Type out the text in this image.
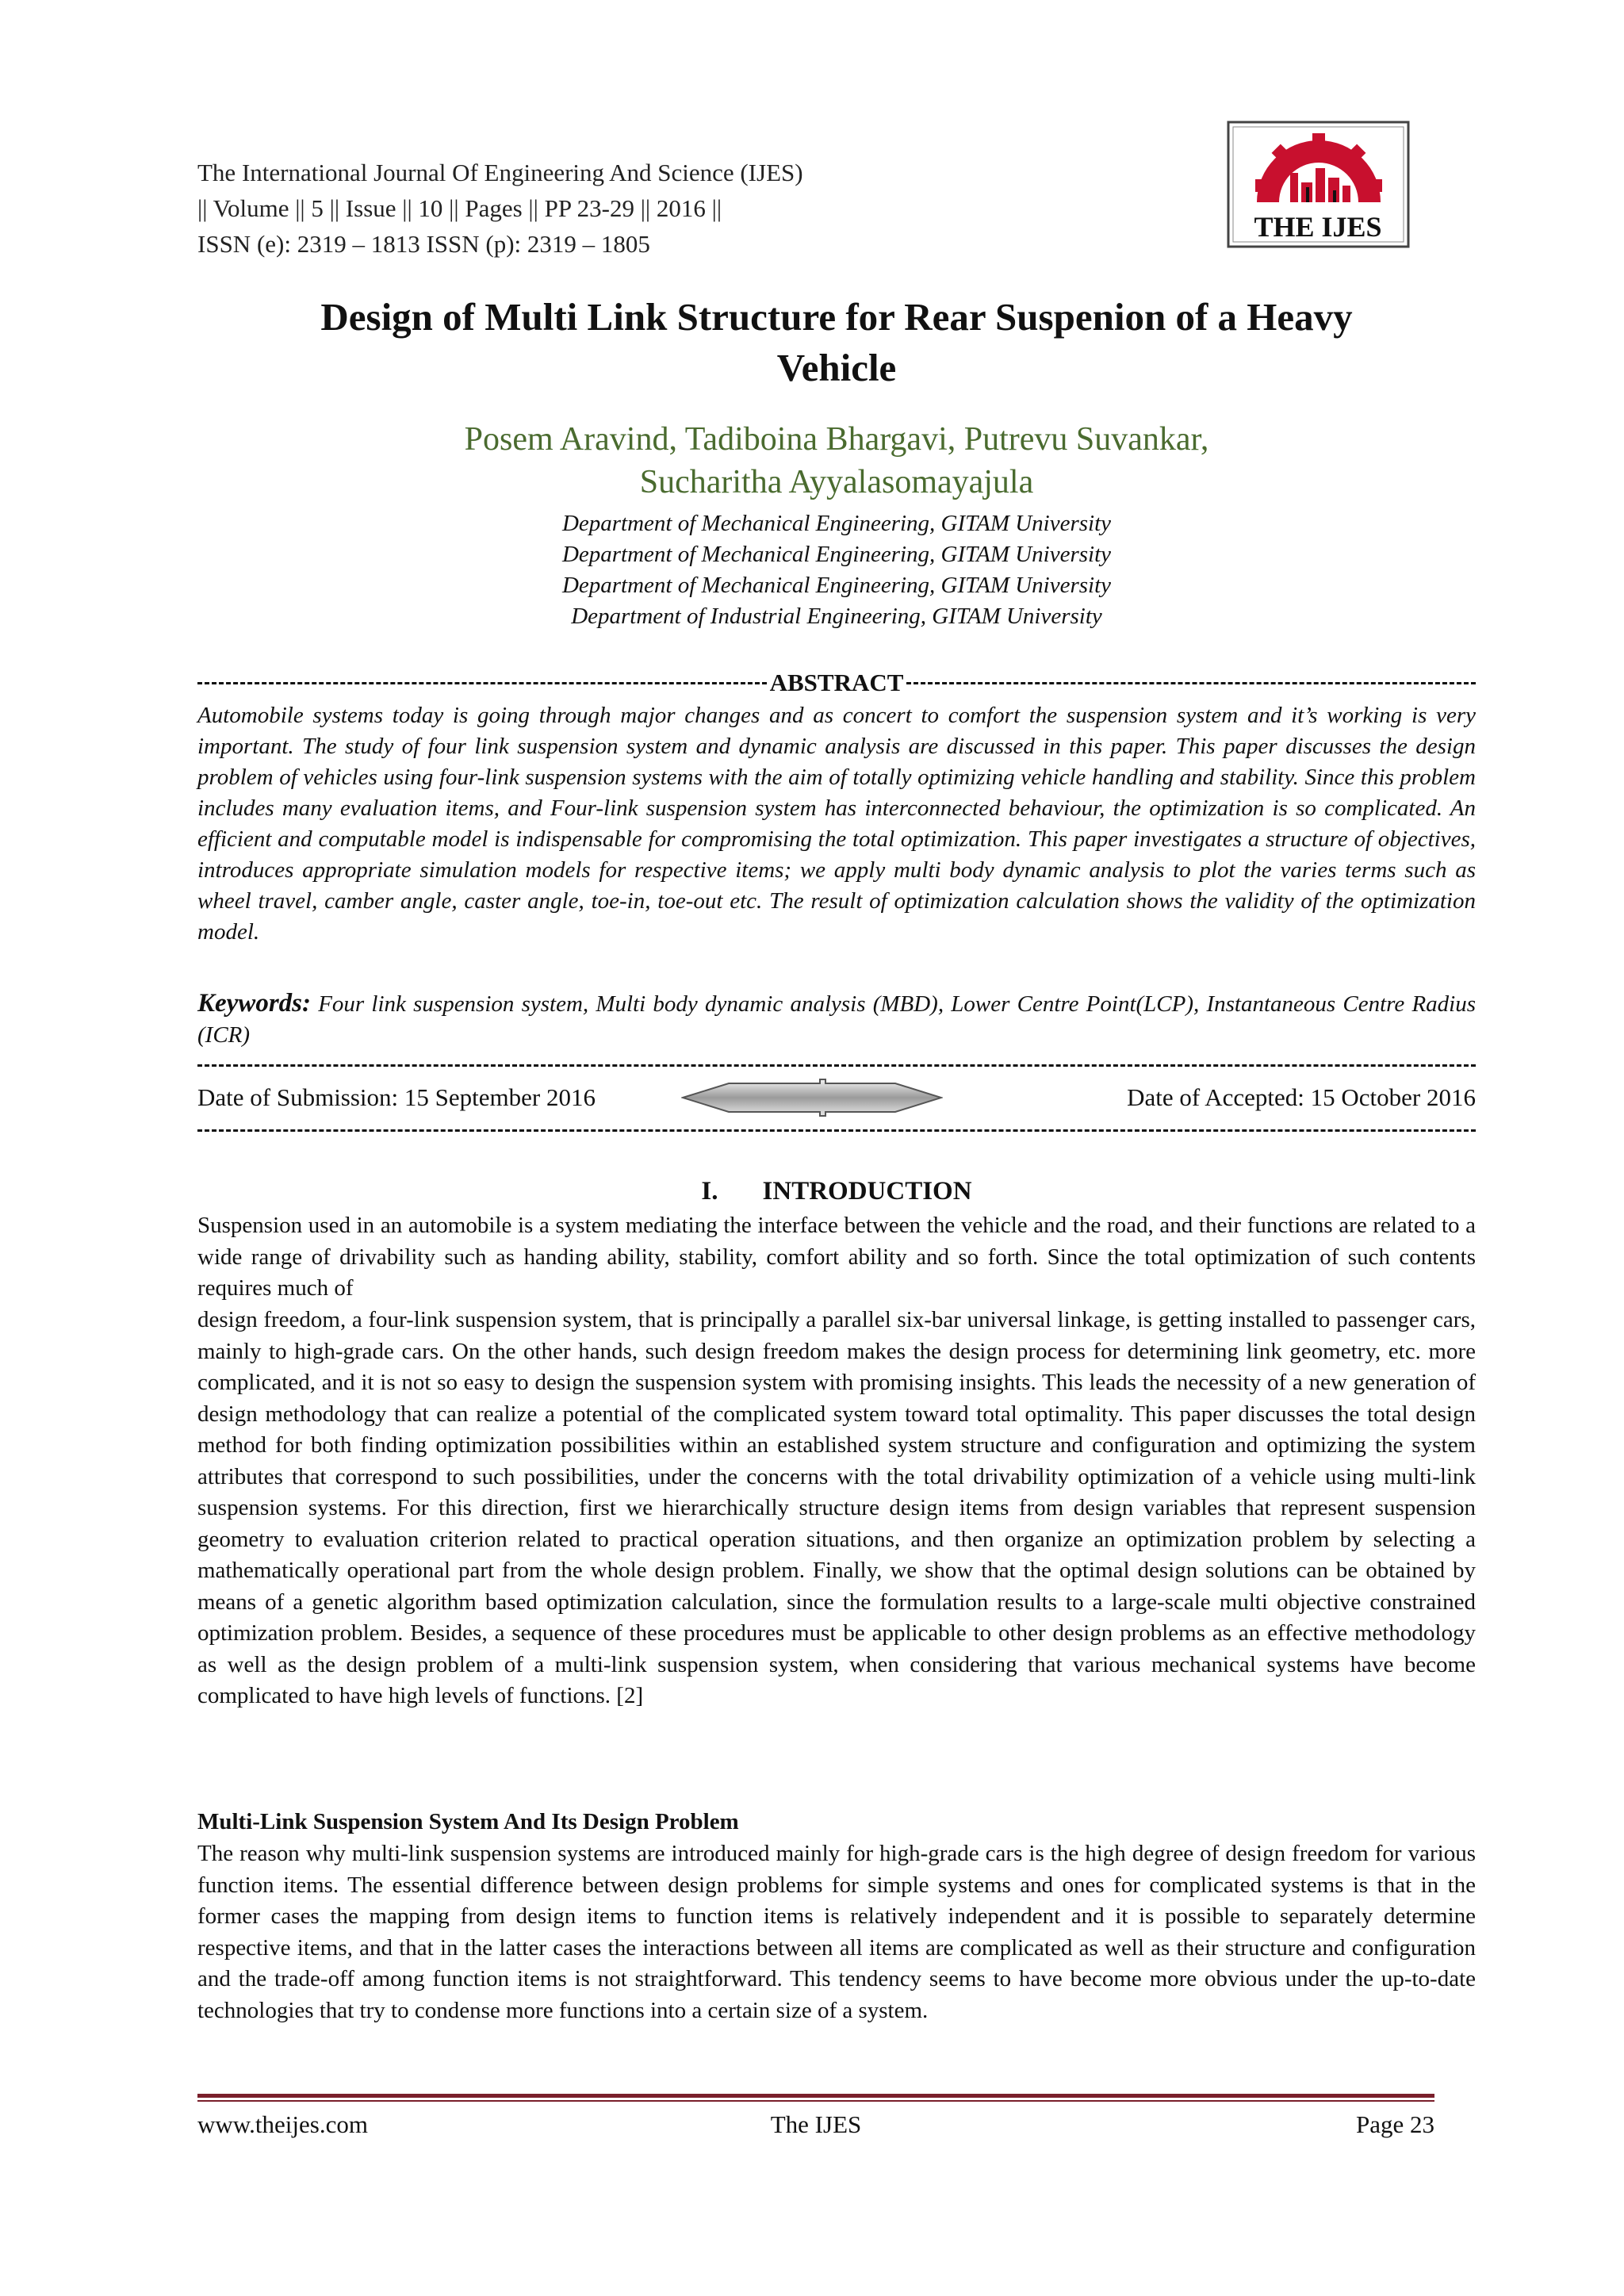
The International Journal Of Engineering And Science (IJES)
|| Volume || 5 || Issue || 10 || Pages || PP 23-29 || 2016 ||
ISSN (e): 2319 – 1813 ISSN (p): 2319 – 1805
THE IJES
Design of Multi Link Structure for Rear Suspenion of a Heavy
Vehicle
Posem Aravind, Tadiboina Bhargavi, Putrevu Suvankar,
Sucharitha Ayyalasomayajula
Department of Mechanical Engineering, GITAM University
Department of Mechanical Engineering, GITAM University
Department of Mechanical Engineering, GITAM University
Department of Industrial Engineering, GITAM University
ABSTRACT

Automobile systems today is going through major changes and as concert to comfort the suspension system and it’s working is very important. The study of four link suspension system and dynamic analysis are discussed in this paper. This paper discusses the design problem of vehicles using four-link suspension systems with the aim of totally optimizing vehicle handling and stability. Since this problem includes many evaluation items, and Four-link suspension system has interconnected behaviour, the optimization is so complicated. An efficient and computable model is indispensable for compromising the total optimization. This paper investigates a structure of objectives, introduces appropriate simulation models for respective items; we apply multi body dynamic analysis to plot the varies terms such as wheel travel, camber angle, caster angle, toe-in, toe-out etc. The result of optimization calculation shows the validity of the optimization model.

Keywords: Four link suspension system, Multi body dynamic analysis (MBD), Lower Centre Point(LCP), Instantaneous Centre Radius (ICR)
Date of Submission: 15 September 2016	Date of Accepted: 15 October 2016
I. INTRODUCTION

Suspension used in an automobile is a system mediating the interface between the vehicle and the road, and their functions are related to a wide range of drivability such as handing ability, stability, comfort ability and so forth. Since the total optimization of such contents requires much of

design freedom, a four-link suspension system, that is principally a parallel six-bar universal linkage, is getting installed to passenger cars, mainly to high-grade cars. On the other hands, such design freedom makes the design process for determining link geometry, etc. more complicated, and it is not so easy to design the suspension system with promising insights. This leads the necessity of a new generation of design methodology that can realize a potential of the complicated system toward total optimality. This paper discusses the total design method for both finding optimization possibilities within an established system structure and configuration and optimizing the system attributes that correspond to such possibilities, under the concerns with the total drivability optimization of a vehicle using multi-link suspension systems. For this direction, first we hierarchically structure design items from design variables that represent suspension geometry to evaluation criterion related to practical operation situations, and then organize an optimization problem by selecting a mathematically operational part from the whole design problem. Finally, we show that the optimal design solutions can be obtained by means of a genetic algorithm based optimization calculation, since the formulation results to a large-scale multi objective constrained optimization problem. Besides, a sequence of these procedures must be applicable to other design problems as an effective methodology as well as the design problem of a multi-link suspension system, when considering that various mechanical systems have become complicated to have high levels of functions. [2]

Multi-Link Suspension System And Its Design Problem

The reason why multi-link suspension systems are introduced mainly for high-grade cars is the high degree of design freedom for various function items. The essential difference between design problems for simple systems and ones for complicated systems is that in the former cases the mapping from design items to function items is relatively independent and it is possible to separately determine respective items, and that in the latter cases the interactions between all items are complicated as well as their structure and configuration and the trade-off among function items is not straightforward. This tendency seems to have become more obvious under the up-to-date technologies that try to condense more functions into a certain size of a system.

www.theijes.com	The IJES	Page 23
